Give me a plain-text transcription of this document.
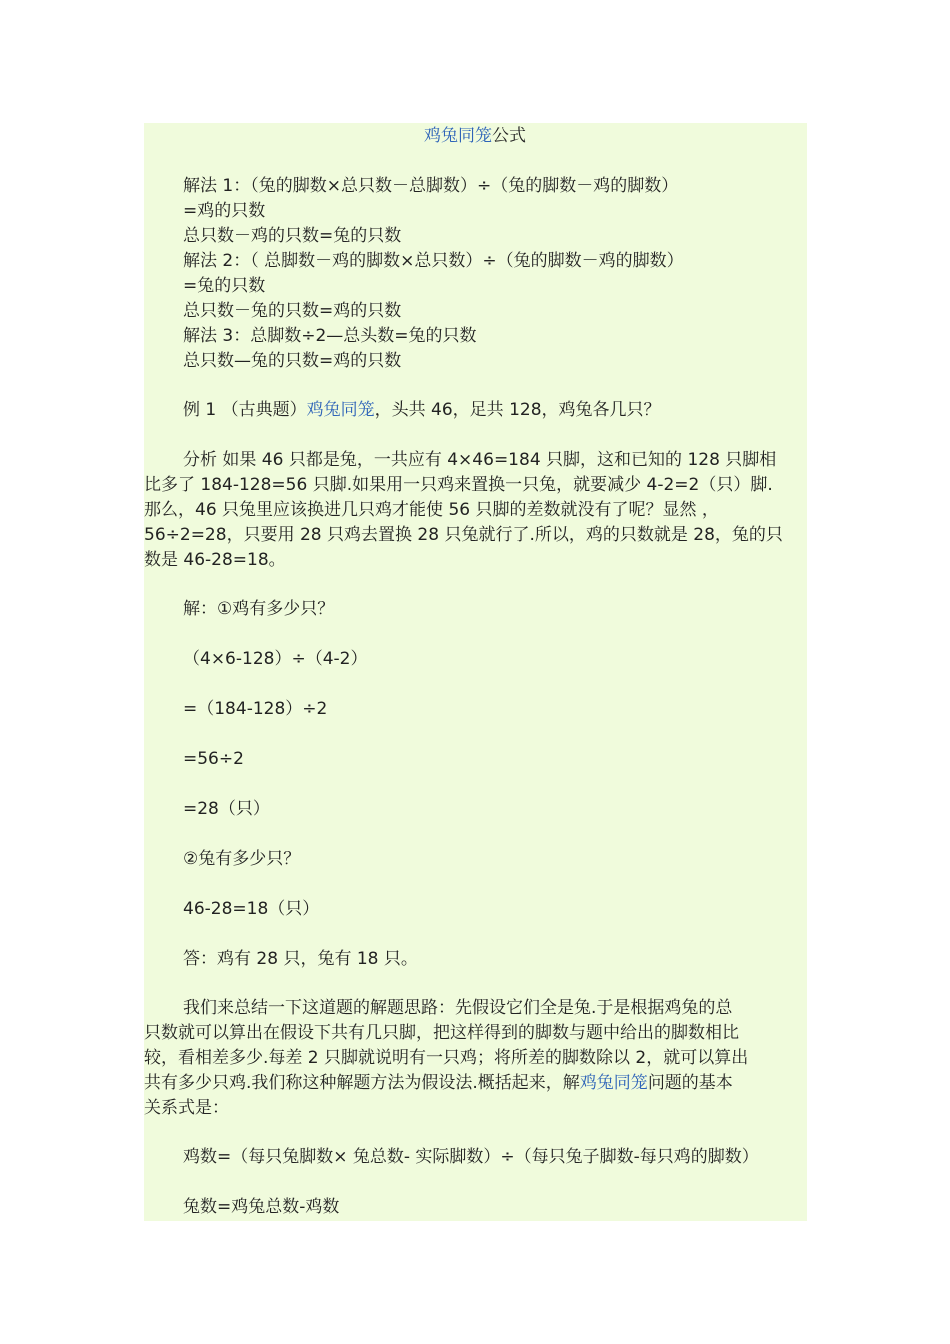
鸡兔同笼公式
解法 1：（兔的脚数×总只数－总脚数）÷（兔的脚数－鸡的脚数）
=鸡的只数
总只数－鸡的只数=兔的只数
解法 2：（ 总脚数－鸡的脚数×总只数）÷（兔的脚数－鸡的脚数）
=兔的只数
总只数－兔的只数=鸡的只数
解法 3：总脚数÷2—总头数=兔的只数
总只数—兔的只数=鸡的只数
例 1 （古典题）鸡兔同笼，头共 46，足共 128，鸡兔各几只？
分析 如果 46 只都是兔，一共应有 4×46=184 只脚，这和已知的 128 只脚相
比多了 184-128=56 只脚.如果用一只鸡来置换一只兔，就要减少 4-2=2（只）脚.
那么，46 只兔里应该换进几只鸡才能使 56 只脚的差数就没有了呢？显然 ，
56÷2=28，只要用 28 只鸡去置换 28 只兔就行了.所以，鸡的只数就是 28，兔的只
数是 46-28=18。
解：①鸡有多少只？
（4×6-128）÷（4-2）
=（184-128）÷2
=56÷2
=28（只）
②兔有多少只？
46-28=18（只）
答：鸡有 28 只，兔有 18 只。
我们来总结一下这道题的解题思路：先假设它们全是兔.于是根据鸡兔的总
只数就可以算出在假设下共有几只脚，把这样得到的脚数与题中给出的脚数相比
较，看相差多少.每差 2 只脚就说明有一只鸡；将所差的脚数除以 2，就可以算出
共有多少只鸡.我们称这种解题方法为假设法.概括起来，解鸡兔同笼问题的基本
关系式是：
鸡数=（每只兔脚数× 兔总数- 实际脚数）÷（每只兔子脚数-每只鸡的脚数）
兔数=鸡兔总数-鸡数
